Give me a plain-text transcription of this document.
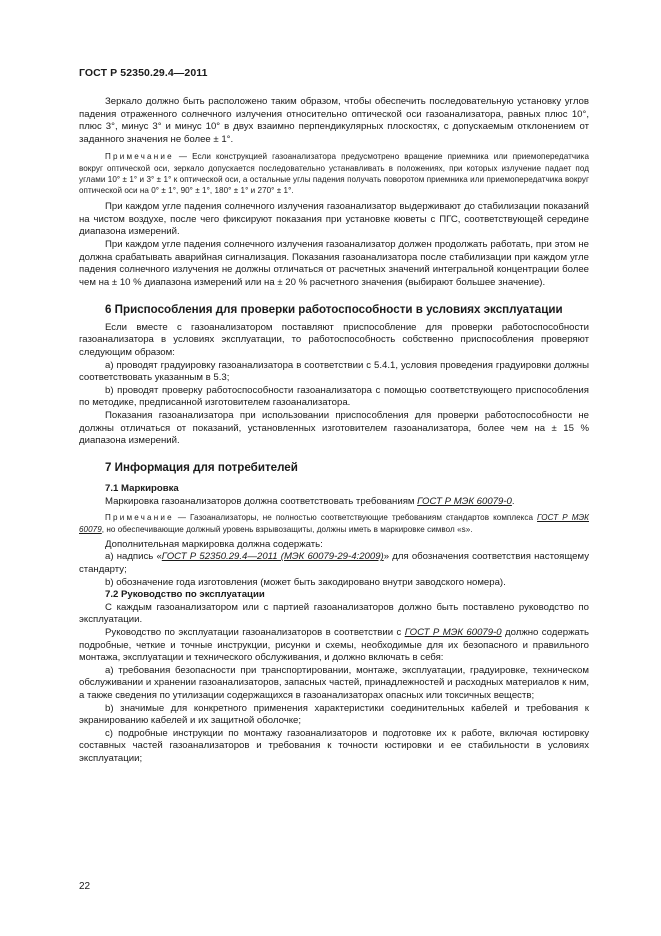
ГОСТ Р 52350.29.4—2011

Зеркало должно быть расположено таким образом, чтобы обеспечить последовательную установку углов падения отраженного солнечного излучения относительно оптической оси газоанализатора, равных плюс 10°, плюс 3°, минус 3° и минус 10° в двух взаимно перпендикулярных плоскостях, с допускаемым отклонением от заданного значения не более ± 1°.

Примечание — Если конструкцией газоанализатора предусмотрено вращение приемника или приемопередатчика вокруг оптической оси, зеркало допускается последовательно устанавливать в положениях, при которых излучение падает под углами 10° ± 1° и 3° ± 1° к оптической оси, а остальные углы падения получать поворотом приемника или приемопередатчика вокруг оптической оси на 0° ± 1°, 90° ± 1°, 180° ± 1° и 270° ± 1°.

При каждом угле падения солнечного излучения газоанализатор выдерживают до стабилизации показаний на чистом воздухе, после чего фиксируют показания при установке кюветы с ПГС, соответствующей середине диапазона измерений.

При каждом угле падения солнечного излучения газоанализатор должен продолжать работать, при этом не должна срабатывать аварийная сигнализация. Показания газоанализатора после стабилизации при каждом угле падения солнечного излучения не должны отличаться от расчетных значений интегральной концентрации более чем на ± 10 % диапазона измерений или на ± 20 % расчетного значения (выбирают большее значение).

6 Приспособления для проверки работоспособности в условиях эксплуатации

Если вместе с газоанализатором поставляют приспособление для проверки работоспособности газоанализатора в условиях эксплуатации, то работоспособность собственно приспособления проверяют следующим образом:

а) проводят градуировку газоанализатора в соответствии с 5.4.1, условия проведения градуировки должны соответствовать указанным в 5.3;

b) проводят проверку работоспособности газоанализатора с помощью соответствующего приспособления по методике, предписанной изготовителем газоанализатора.

Показания газоанализатора при использовании приспособления для проверки работоспособности не должны отличаться от показаний, установленных изготовителем газоанализатора, более чем на ± 15 % диапазона измерений.

7 Информация для потребителей
7.1 Маркировка

Маркировка газоанализаторов должна соответствовать требованиям ГОСТ Р МЭК 60079-0.

Примечание — Газоанализаторы, не полностью соответствующие требованиям стандартов комплекса ГОСТ Р МЭК 60079, но обеспечивающие должный уровень взрывозащиты, должны иметь в маркировке символ «s».

Дополнительная маркировка должна содержать:

а) надпись «ГОСТ Р 52350.29.4—2011 (МЭК 60079-29-4:2009)» для обозначения соответствия настоящему стандарту;

b) обозначение года изготовления (может быть закодировано внутри заводского номера).

7.2 Руководство по эксплуатации

С каждым газоанализатором или с партией газоанализаторов должно быть поставлено руководство по эксплуатации.

Руководство по эксплуатации газоанализаторов в соответствии с ГОСТ Р МЭК 60079-0 должно содержать подробные, четкие и точные инструкции, рисунки и схемы, необходимые для их безопасного и правильного монтажа, эксплуатации и технического обслуживания, и должно включать в себя:

а) требования безопасности при транспортировании, монтаже, эксплуатации, градуировке, техническом обслуживании и хранении газоанализаторов, запасных частей, принадлежностей и расходных материалов к ним, а также сведения по утилизации содержащихся в газоанализаторах опасных или токсичных веществ;

b) значимые для конкретного применения характеристики соединительных кабелей и требования к экранированию кабелей и их защитной оболочке;

с) подробные инструкции по монтажу газоанализаторов и подготовке их к работе, включая юстировку составных частей газоанализаторов и требования к точности юстировки и ее стабильности в условиях эксплуатации;

22
